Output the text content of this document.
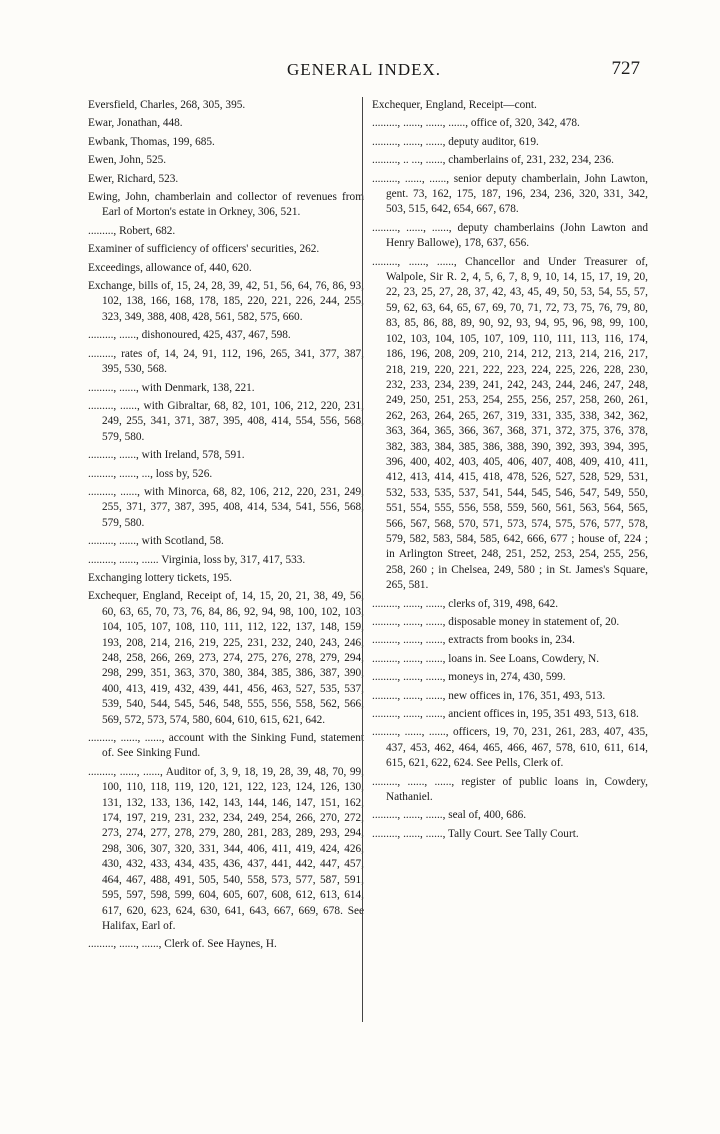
GENERAL INDEX.	727

Eversfield, Charles, 268, 305, 395.

Ewar, Jonathan, 448.

Ewbank, Thomas, 199, 685.

Ewen, John, 525.

Ewer, Richard, 523.

Ewing, John, chamberlain and collector of revenues from Earl of Morton's estate in Orkney, 306, 521.

........., Robert, 682.

Examiner of sufficiency of officers' securities, 262.

Exceedings, allowance of, 440, 620.

Exchange, bills of, 15, 24, 28, 39, 42, 51, 56, 64, 76, 86, 93, 102, 138, 166, 168, 178, 185, 220, 221, 226, 244, 255, 323, 349, 388, 408, 428, 561, 582, 575, 660.

........., ......, dishonoured, 425, 437, 467, 598.

........., rates of, 14, 24, 91, 112, 196, 265, 341, 377, 387, 395, 530, 568.

........., ......, with Denmark, 138, 221.

........., ......, with Gibraltar, 68, 82, 101, 106, 212, 220, 231, 249, 255, 341, 371, 387, 395, 408, 414, 554, 556, 568, 579, 580.

........., ......, with Ireland, 578, 591.

........., ......, ..., loss by, 526.

........., ......, with Minorca, 68, 82, 106, 212, 220, 231, 249, 255, 371, 377, 387, 395, 408, 414, 534, 541, 556, 568, 579, 580.

........., ......, with Scotland, 58.

........., ......, ...... Virginia, loss by, 317, 417, 533.

Exchanging lottery tickets, 195.

Exchequer, England, Receipt of, 14, 15, 20, 21, 38, 49, 56, 60, 63, 65, 70, 73, 76, 84, 86, 92, 94, 98, 100, 102, 103, 104, 105, 107, 108, 110, 111, 112, 122, 137, 148, 159, 193, 208, 214, 216, 219, 225, 231, 232, 240, 243, 246, 248, 258, 266, 269, 273, 274, 275, 276, 278, 279, 294, 298, 299, 351, 363, 370, 380, 384, 385, 386, 387, 390, 400, 413, 419, 432, 439, 441, 456, 463, 527, 535, 537, 539, 540, 544, 545, 546, 548, 555, 556, 558, 562, 566, 569, 572, 573, 574, 580, 604, 610, 615, 621, 642.

........., ......, ......, account with the Sinking Fund, statement of. See Sinking Fund.

........., ......, ......, Auditor of, 3, 9, 18, 19, 28, 39, 48, 70, 99, 100, 110, 118, 119, 120, 121, 122, 123, 124, 126, 130, 131, 132, 133, 136, 142, 143, 144, 146, 147, 151, 162, 174, 197, 219, 231, 232, 234, 249, 254, 266, 270, 272, 273, 274, 277, 278, 279, 280, 281, 283, 289, 293, 294, 298, 306, 307, 320, 331, 344, 406, 411, 419, 424, 426, 430, 432, 433, 434, 435, 436, 437, 441, 442, 447, 457, 464, 467, 488, 491, 505, 540, 558, 573, 577, 587, 591, 595, 597, 598, 599, 604, 605, 607, 608, 612, 613, 614, 617, 620, 623, 624, 630, 641, 643, 667, 669, 678. See Halifax, Earl of.

........., ......, ......, Clerk of. See Haynes, H.

Exchequer, England, Receipt—cont.

........., ......, ......, ......, office of, 320, 342, 478.

........., ......, ......, deputy auditor, 619.

........., .. ..., ......, chamberlains of, 231, 232, 234, 236.

........., ......, ......, senior deputy chamberlain, John Lawton, gent. 73, 162, 175, 187, 196, 234, 236, 320, 331, 342, 503, 515, 642, 654, 667, 678.

........., ......, ......, deputy chamberlains (John Lawton and Henry Ballowe), 178, 637, 656.

........., ......, ......, Chancellor and Under Treasurer of, Walpole, Sir R. 2, 4, 5, 6, 7, 8, 9, 10, 14, 15, 17, 19, 20, 22, 23, 25, 27, 28, 37, 42, 43, 45, 49, 50, 53, 54, 55, 57, 59, 62, 63, 64, 65, 67, 69, 70, 71, 72, 73, 75, 76, 79, 80, 83, 85, 86, 88, 89, 90, 92, 93, 94, 95, 96, 98, 99, 100, 102, 103, 104, 105, 107, 109, 110, 111, 113, 116, 174, 186, 196, 208, 209, 210, 214, 212, 213, 214, 216, 217, 218, 219, 220, 221, 222, 223, 224, 225, 226, 228, 230, 232, 233, 234, 239, 241, 242, 243, 244, 246, 247, 248, 249, 250, 251, 253, 254, 255, 256, 257, 258, 260, 261, 262, 263, 264, 265, 267, 319, 331, 335, 338, 342, 362, 363, 364, 365, 366, 367, 368, 371, 372, 375, 376, 378, 382, 383, 384, 385, 386, 388, 390, 392, 393, 394, 395, 396, 400, 402, 403, 405, 406, 407, 408, 409, 410, 411, 412, 413, 414, 415, 418, 478, 526, 527, 528, 529, 531, 532, 533, 535, 537, 541, 544, 545, 546, 547, 549, 550, 551, 554, 555, 556, 558, 559, 560, 561, 563, 564, 565, 566, 567, 568, 570, 571, 573, 574, 575, 576, 577, 578, 579, 582, 583, 584, 585, 642, 666, 677 ; house of, 224 ; in Arlington Street, 248, 251, 252, 253, 254, 255, 256, 258, 260 ; in Chelsea, 249, 580 ; in St. James's Square, 265, 581.

........., ......, ......, clerks of, 319, 498, 642.

........., ......, ......, disposable money in statement of, 20.

........., ......, ......, extracts from books in, 234.

........., ......, ......, loans in. See Loans, Cowdery, N.

........., ......, ......, moneys in, 274, 430, 599.

........., ......, ......, new offices in, 176, 351, 493, 513.

........., ......, ......, ancient offices in, 195, 351 493, 513, 618.

........., ......, ......, officers, 19, 70, 231, 261, 283, 407, 435, 437, 453, 462, 464, 465, 466, 467, 578, 610, 611, 614, 615, 621, 622, 624. See Pells, Clerk of.

........., ......, ......, register of public loans in, Cowdery, Nathaniel.

........., ......, ......, seal of, 400, 686.

........., ......, ......, Tally Court. See Tally Court.
